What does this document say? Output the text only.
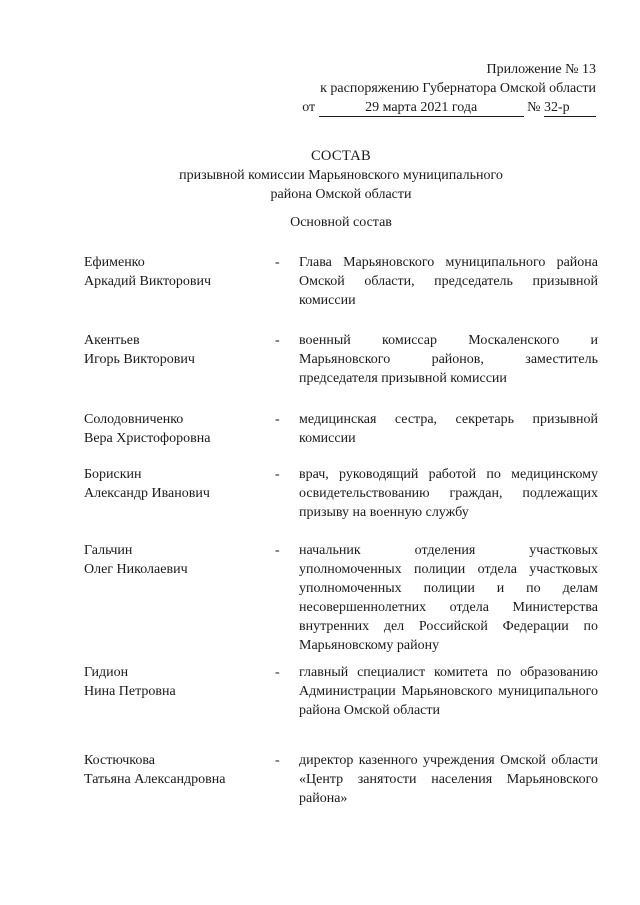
Приложение № 13
к распоряжению Губернатора Омской области
от	29 марта 2021 года	№ 32-р
СОСТАВ
призывной комиссии Марьяновского муниципального
района Омской области
Основной состав
Ефименко
Аркадий Викторович
- Глава Марьяновского муниципального района Омской области, председатель призывной комиссии
Акентьев
Игорь Викторович
- военный комиссар Москаленского и Марьяновского районов, заместитель председателя призывной комиссии
Солодовниченко
Вера Христофоровна
- медицинская сестра, секретарь призывной комиссии
Борискин
Александр Иванович
- врач, руководящий работой по медицинскому освидетельствованию граждан, подлежащих призыву на военную службу
Гальчин
Олег Николаевич
- начальник отделения участковых уполномоченных полиции отдела участковых уполномоченных полиции и по делам несовершеннолетних отдела Министерства внутренних дел Российской Федерации по Марьяновскому району
Гидион
Нина Петровна
- главный специалист комитета по образованию Администрации Марьяновского муниципального района Омской области
Костючкова
Татьяна Александровна
- директор казенного учреждения Омской области «Центр занятости населения Марьяновского района»
